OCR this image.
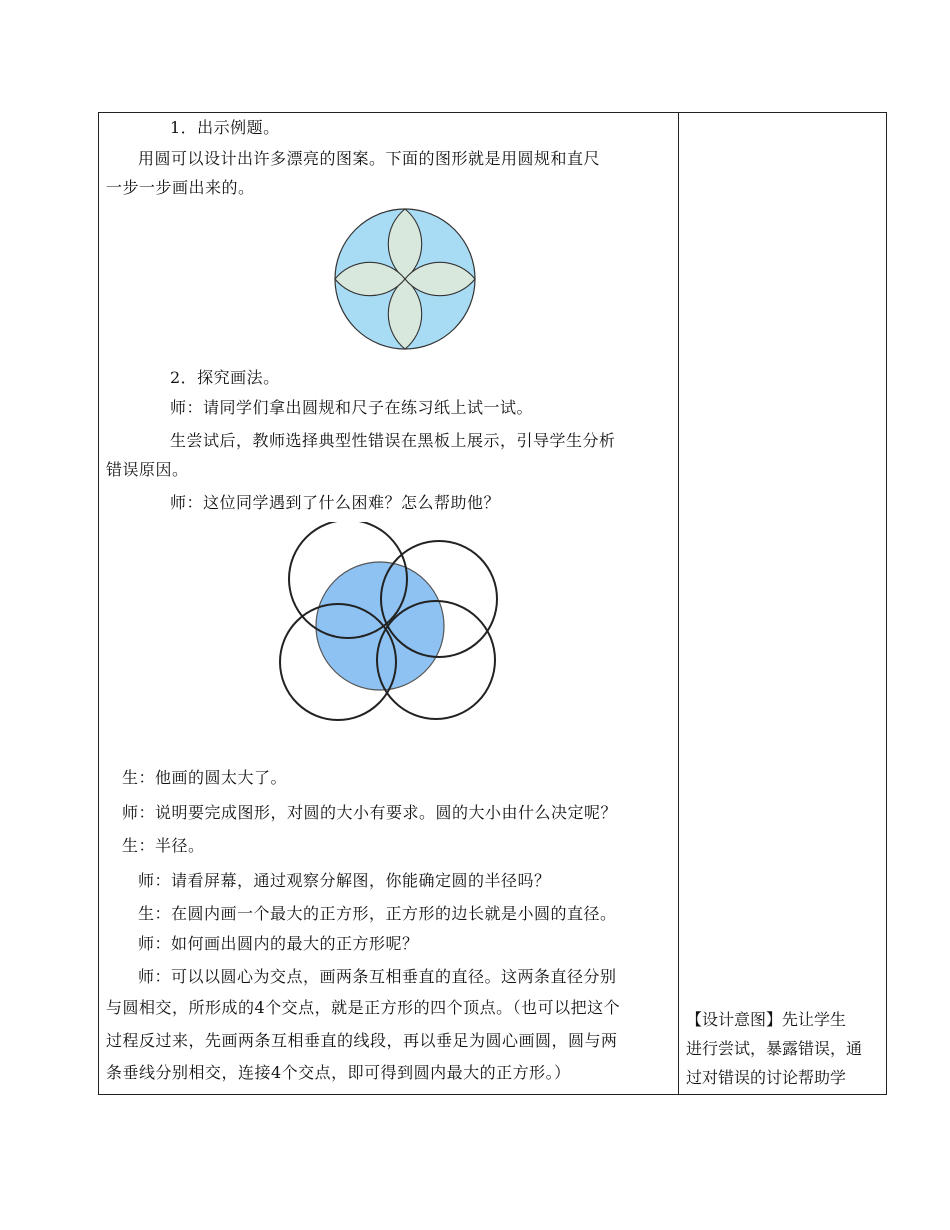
1．出示例题。
用圆可以设计出许多漂亮的图案。下面的图形就是用圆规和直尺
一步一步画出来的。
2．探究画法。
师：请同学们拿出圆规和尺子在练习纸上试一试。
生尝试后，教师选择典型性错误在黑板上展示，引导学生分析
错误原因。
师：这位同学遇到了什么困难？怎么帮助他？
生：他画的圆太大了。
师：说明要完成图形，对圆的大小有要求。圆的大小由什么决定呢？
生：半径。
师：请看屏幕，通过观察分解图，你能确定圆的半径吗？
生：在圆内画一个最大的正方形，正方形的边长就是小圆的直径。
师：如何画出圆内的最大的正方形呢？
师：可以以圆心为交点，画两条互相垂直的直径。这两条直径分别
与圆相交，所形成的4个交点，就是正方形的四个顶点。（也可以把这个
过程反过来，先画两条互相垂直的线段，再以垂足为圆心画圆，圆与两
条垂线分别相交，连接4个交点，即可得到圆内最大的正方形。）
【设计意图】先让学生
进行尝试，暴露错误，通
过对错误的讨论帮助学
